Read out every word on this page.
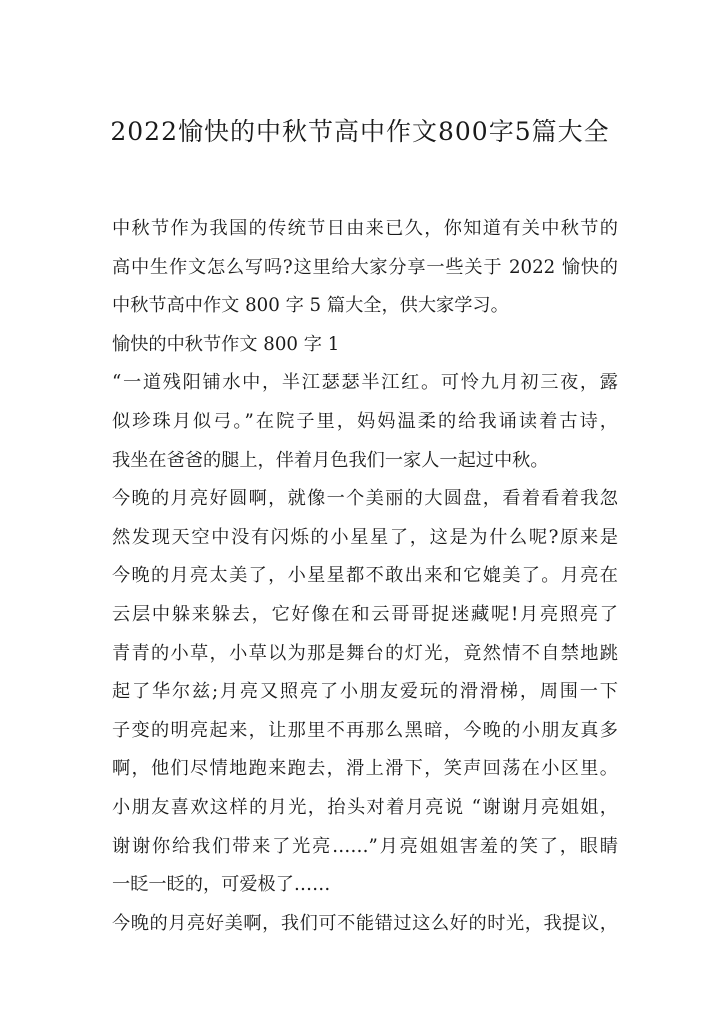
2022愉快的中秋节高中作文800字5篇大全
中秋节作为我国的传统节日由来已久，你知道有关中秋节的
高中生作文怎么写吗?这里给大家分享一些关于 2022 愉快的
中秋节高中作文 800 字 5 篇大全，供大家学习。
愉快的中秋节作文 800 字 1
“一道残阳铺水中，半江瑟瑟半江红。可怜九月初三夜，露
似珍珠月似弓。”在院子里，妈妈温柔的给我诵读着古诗，
我坐在爸爸的腿上，伴着月色我们一家人一起过中秋。
今晚的月亮好圆啊，就像一个美丽的大圆盘，看着看着我忽
然发现天空中没有闪烁的小星星了，这是为什么呢?原来是
今晚的月亮太美了，小星星都不敢出来和它媲美了。月亮在
云层中躲来躲去，它好像在和云哥哥捉迷藏呢!月亮照亮了
青青的小草，小草以为那是舞台的灯光，竟然情不自禁地跳
起了华尔兹;月亮又照亮了小朋友爱玩的滑滑梯，周围一下
子变的明亮起来，让那里不再那么黑暗，今晚的小朋友真多
啊，他们尽情地跑来跑去，滑上滑下，笑声回荡在小区里。
小朋友喜欢这样的月光，抬头对着月亮说 “谢谢月亮姐姐，
谢谢你给我们带来了光亮……”月亮姐姐害羞的笑了，眼睛
一眨一眨的，可爱极了……
今晚的月亮好美啊，我们可不能错过这么好的时光，我提议，
